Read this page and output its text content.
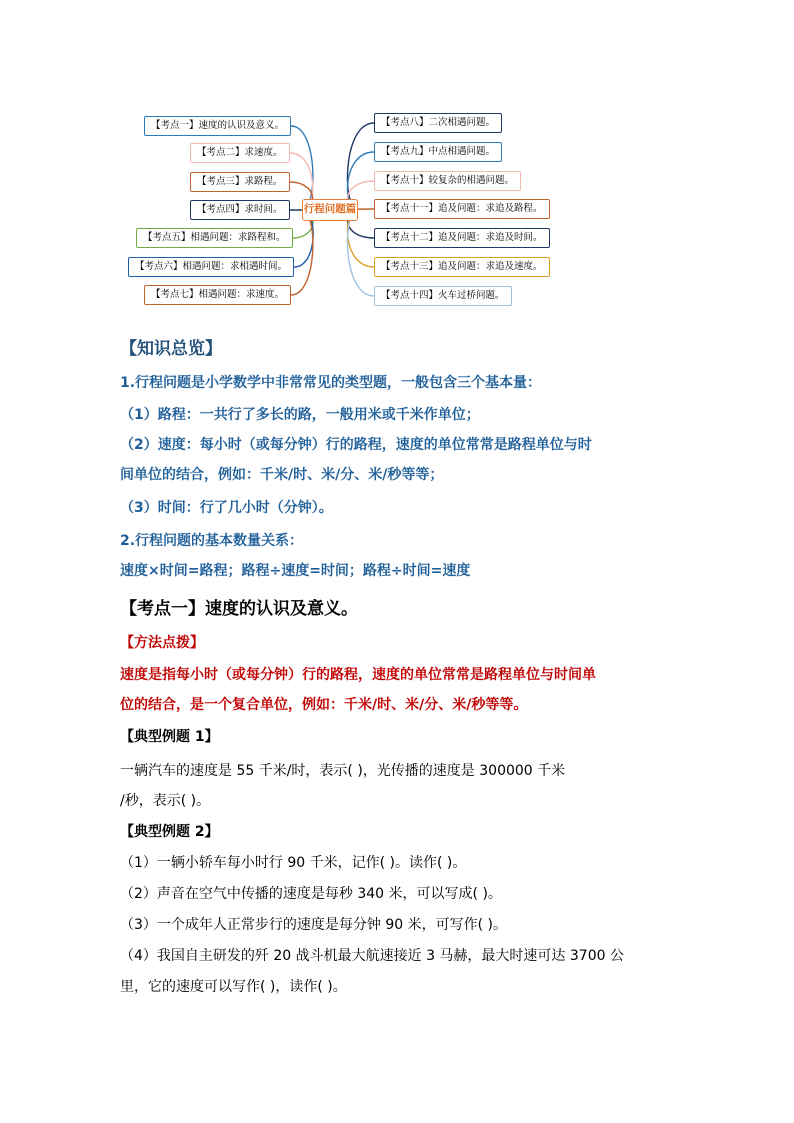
【考点一】速度的认识及意义。
【考点二】求速度。
【考点三】求路程。
【考点四】求时间。
【考点五】相遇问题：求路程和。
【考点六】相遇问题：求相遇时间。
【考点七】相遇问题：求速度。
行程问题篇
【考点八】二次相遇问题。
【考点九】中点相遇问题。
【考点十】较复杂的相遇问题。
【考点十一】追及问题：求追及路程。
【考点十二】追及问题：求追及时间。
【考点十三】追及问题：求追及速度。
【考点十四】火车过桥问题。
【知识总览】
1.行程问题是小学数学中非常常见的类型题，一般包含三个基本量：
（1）路程：一共行了多长的路，一般用米或千米作单位；
（2）速度：每小时（或每分钟）行的路程，速度的单位常常是路程单位与时
间单位的结合，例如：千米/时、米/分、米/秒等等；
（3）时间：行了几小时（分钟）。
2.行程问题的基本数量关系：
速度×时间=路程；路程÷速度=时间；路程÷时间=速度
【考点一】速度的认识及意义。
【方法点拨】
速度是指每小时（或每分钟）行的路程，速度的单位常常是路程单位与时间单
位的结合，是一个复合单位，例如：千米/时、米/分、米/秒等等。
【典型例题 1】
一辆汽车的速度是 55 千米/时，表示( )，光传播的速度是 300000 千米
/秒，表示( )。
【典型例题 2】
（1）一辆小轿车每小时行 90 千米，记作( )。读作( )。
（2）声音在空气中传播的速度是每秒 340 米，可以写成( )。
（3）一个成年人正常步行的速度是每分钟 90 米，可写作( )。
（4）我国自主研发的歼 20 战斗机最大航速接近 3 马赫，最大时速可达 3700 公
里，它的速度可以写作( )，读作( )。
